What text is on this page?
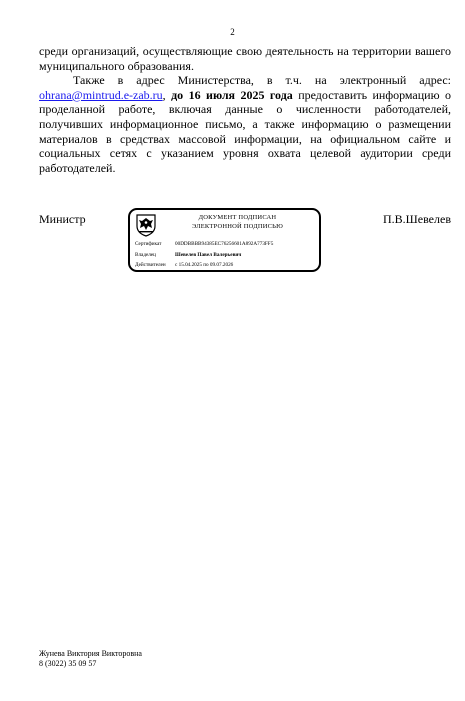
2

среди организаций, осуществляющие свою деятельность на территории вашего муниципального образования.

Также в адрес Министерства, в т.ч. на электронный адрес: ohrana@mintrud.e-zab.ru, до 16 июля 2025 года предоставить информацию о проделанной работе, включая данные о численности работодателей, получивших информационное письмо, а также информацию о размещении материалов в средствах массовой информации, на официальном сайте и социальных сетях с указанием уровня охвата целевой аудитории среди работодателей.

Министр	ДОКУМЕНТ ПОДПИСАН
ЭЛЕКТРОННОЙ ПОДПИСЬЮ
Сертификат	00DDBBBB94385EC76256601A892A773FF5
Владелец	Шевелев Павел Валерьевич
Действителен с 15.04.2025 по 09.07.2026
П.В.Шевелев
Жунева Виктория Викторовна
8 (3022) 35 09 57
